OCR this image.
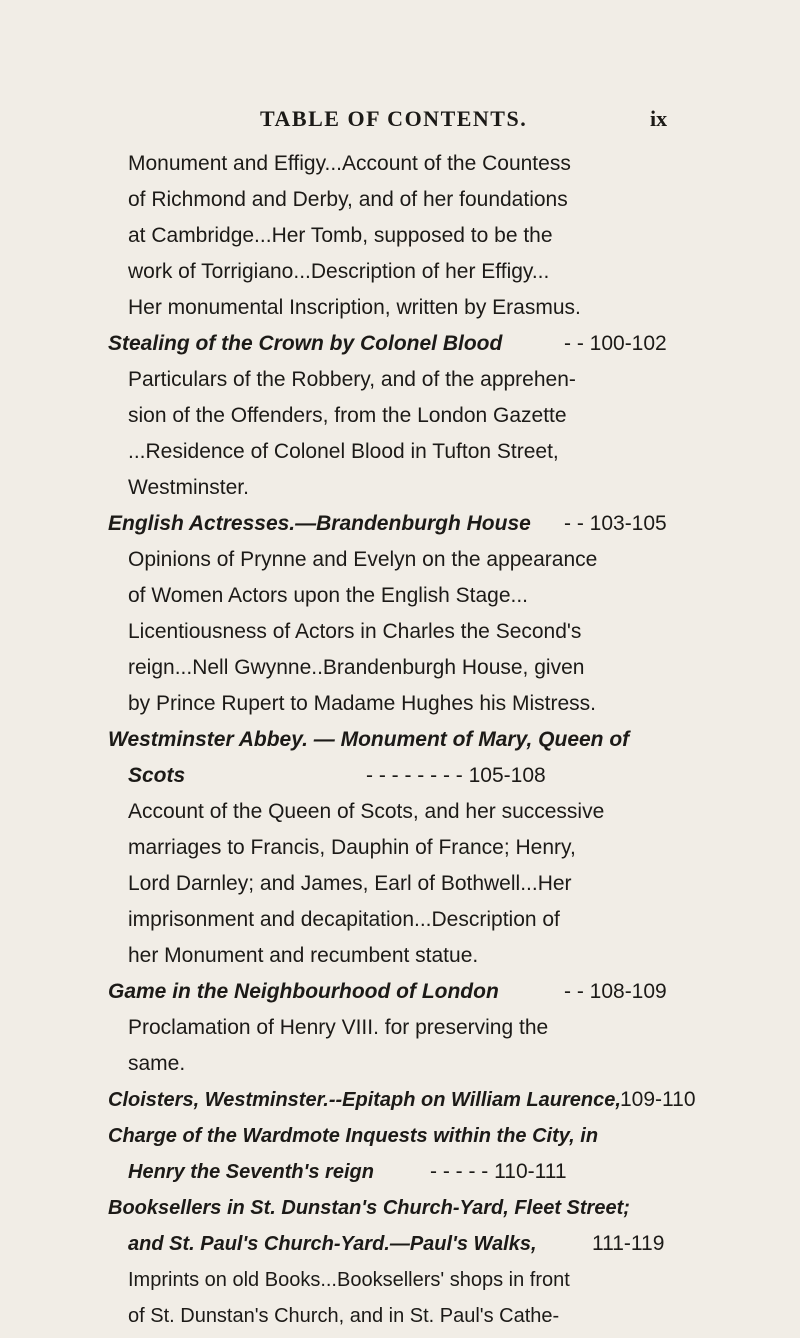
TABLE OF CONTENTS.	ix
Monument and Effigy...Account of the Countess
of Richmond and Derby, and of her foundations
at Cambridge...Her Tomb, supposed to be the
work of Torrigiano...Description of her Effigy...
Her monumental Inscription, written by Erasmus.
Stealing of the Crown by Colonel Blood	- - 100-102
Particulars of the Robbery, and of the apprehen-
sion of the Offenders, from the London Gazette
...Residence of Colonel Blood in Tufton Street,
Westminster.
English Actresses.—Brandenburgh House - - 103-105
Opinions of Prynne and Evelyn on the appearance
of Women Actors upon the English Stage...
Licentiousness of Actors in Charles the Second's
reign...Nell Gwynne..Brandenburgh House, given
by Prince Rupert to Madame Hughes his Mistress.
Westminster Abbey. — Monument of Mary, Queen of
Scots	- - - - - - - - 105-108
Account of the Queen of Scots, and her successive
marriages to Francis, Dauphin of France; Henry,
Lord Darnley; and James, Earl of Bothwell...Her
imprisonment and decapitation...Description of
her Monument and recumbent statue.
Game in the Neighbourhood of London	- - 108-109
Proclamation of Henry VIII. for preserving the
same.
Cloisters, Westminster.--Epitaph on William Laurence, 109-110
Charge of the Wardmote Inquests within the City, in
Henry the Seventh's reign	- - - - - 110-111
Booksellers in St. Dunstan's Church-Yard, Fleet Street;
and St. Paul's Church-Yard.—Paul's Walks,	111-119
Imprints on old Books...Booksellers' shops in front
of St. Dunstan's Church, and in St. Paul's Cathe-
